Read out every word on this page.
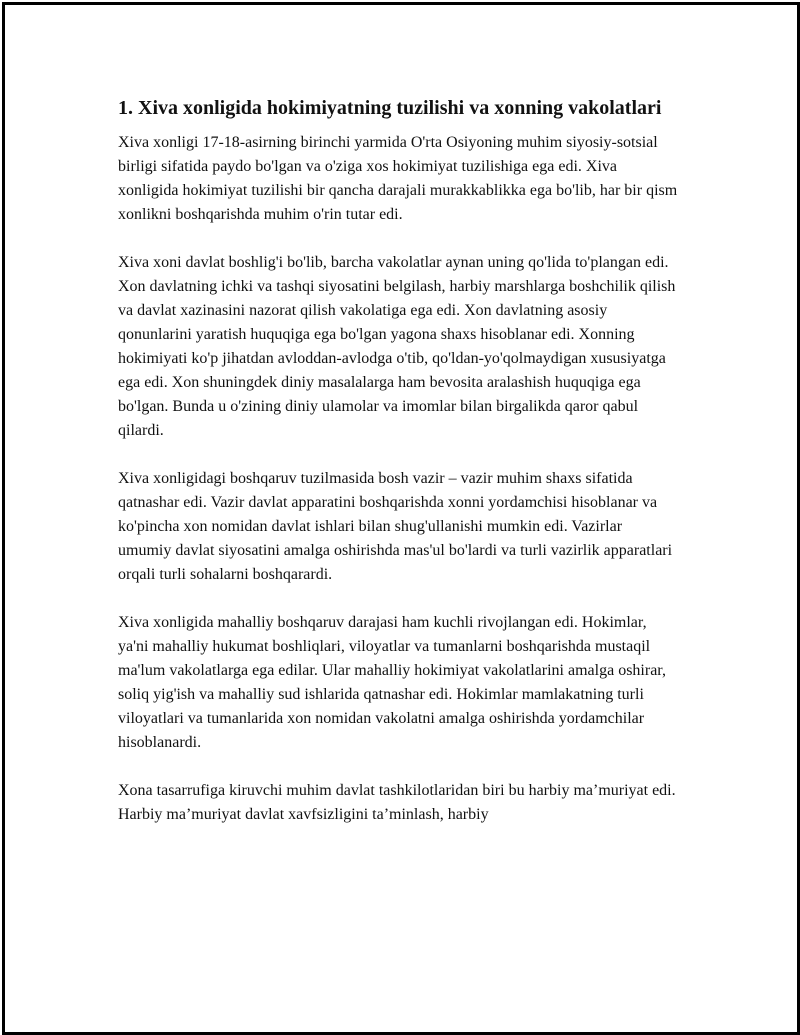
1. Xiva xonligida hokimiyatning tuzilishi va xonning vakolatlari

Xiva xonligi 17-18-asirning birinchi yarmida O'rta Osiyoning muhim siyosiy-sotsial birligi sifatida paydo bo'lgan va o'ziga xos hokimiyat tuzilishiga ega edi. Xiva xonligida hokimiyat tuzilishi bir qancha darajali murakkablikka ega bo'lib, har bir qism xonlikni boshqarishda muhim o'rin tutar edi.

Xiva xoni davlat boshlig'i bo'lib, barcha vakolatlar aynan uning qo'lida to'plangan edi. Xon davlatning ichki va tashqi siyosatini belgilash, harbiy marshlarga boshchilik qilish va davlat xazinasini nazorat qilish vakolatiga ega edi. Xon davlatning asosiy qonunlarini yaratish huquqiga ega bo'lgan yagona shaxs hisoblanar edi. Xonning hokimiyati ko'p jihatdan avloddan-avlodga o'tib, qo'ldan-yo'qolmaydigan xususiyatga ega edi. Xon shuningdek diniy masalalarga ham bevosita aralashish huquqiga ega bo'lgan. Bunda u o'zining diniy ulamolar va imomlar bilan birgalikda qaror qabul qilardi.

Xiva xonligidagi boshqaruv tuzilmasida bosh vazir – vazir muhim shaxs sifatida qatnashar edi. Vazir davlat apparatini boshqarishda xonni yordamchisi hisoblanar va ko'pincha xon nomidan davlat ishlari bilan shug'ullanishi mumkin edi. Vazirlar umumiy davlat siyosatini amalga oshirishda mas'ul bo'lardi va turli vazirlik apparatlari orqali turli sohalarni boshqarardi.

Xiva xonligida mahalliy boshqaruv darajasi ham kuchli rivojlangan edi. Hokimlar, ya'ni mahalliy hukumat boshliqlari, viloyatlar va tumanlarni boshqarishda mustaqil ma'lum vakolatlarga ega edilar. Ular mahalliy hokimiyat vakolatlarini amalga oshirar, soliq yig'ish va mahalliy sud ishlarida qatnashar edi. Hokimlar mamlakatning turli viloyatlari va tumanlarida xon nomidan vakolatni amalga oshirishda yordamchilar hisoblanardi.

Xona tasarrufiga kiruvchi muhim davlat tashkilotlaridan biri bu harbiy ma’muriyat edi. Harbiy ma’muriyat davlat xavfsizligini ta’minlash, harbiy
